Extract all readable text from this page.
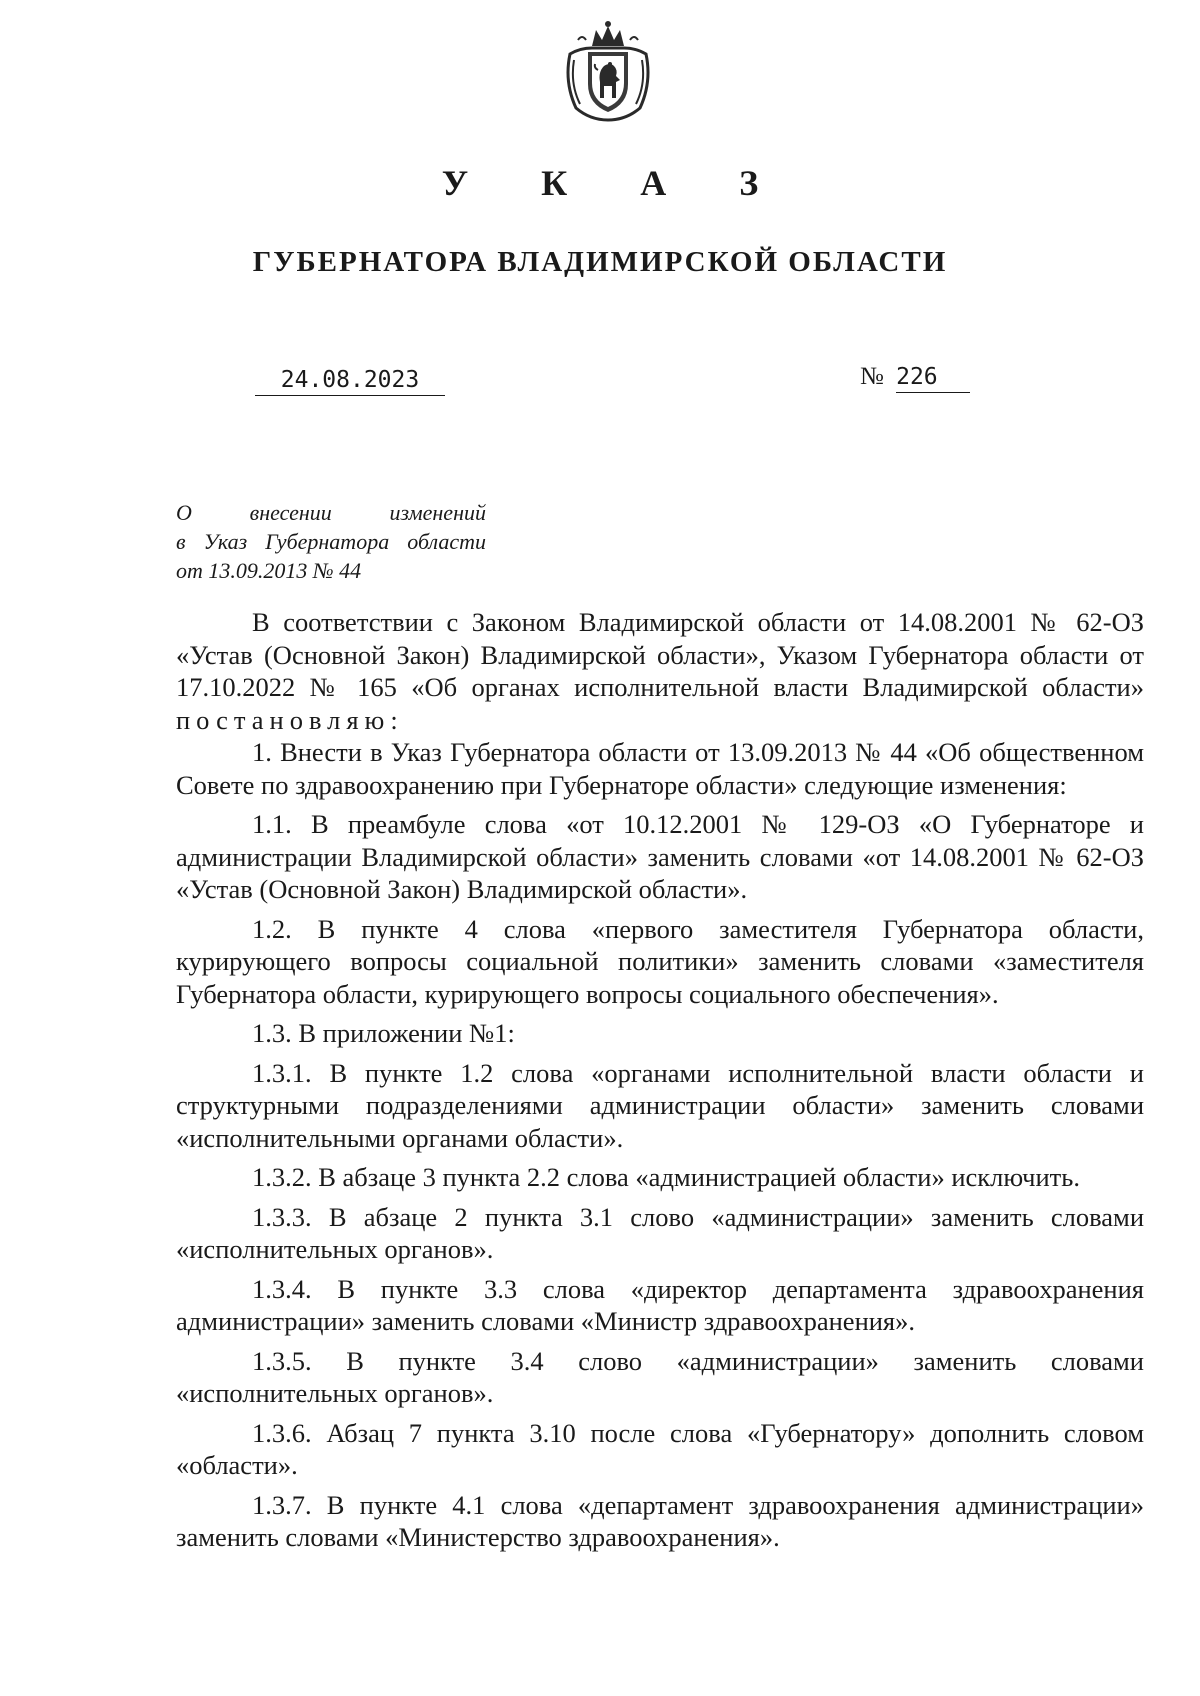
У К А З
ГУБЕРНАТОРА ВЛАДИМИРСКОЙ ОБЛАСТИ
24.08.2023	№ 226
О внесении изменений
в Указ Губернатора области
от 13.09.2013 № 44

В соответствии с Законом Владимирской области от 14.08.2001 № 62-ОЗ «Устав (Основной Закон) Владимирской области», Указом Губернатора области от 17.10.2022 № 165 «Об органах исполнительной власти Владимирской области» постановляю:

1. Внести в Указ Губернатора области от 13.09.2013 № 44 «Об общественном Совете по здравоохранению при Губернаторе области» следующие изменения:

1.1. В преамбуле слова «от 10.12.2001 № 129-ОЗ «О Губернаторе и администрации Владимирской области» заменить словами «от 14.08.2001 № 62-ОЗ «Устав (Основной Закон) Владимирской области».

1.2. В пункте 4 слова «первого заместителя Губернатора области, курирующего вопросы социальной политики» заменить словами «заместителя Губернатора области, курирующего вопросы социального обеспечения».

1.3. В приложении №1:

1.3.1. В пункте 1.2 слова «органами исполнительной власти области и структурными подразделениями администрации области» заменить словами «исполнительными органами области».

1.3.2. В абзаце 3 пункта 2.2 слова «администрацией области» исключить.

1.3.3. В абзаце 2 пункта 3.1 слово «администрации» заменить словами «исполнительных органов».

1.3.4. В пункте 3.3 слова «директор департамента здравоохранения администрации» заменить словами «Министр здравоохранения».

1.3.5. В пункте 3.4 слово «администрации» заменить словами «исполнительных органов».

1.3.6. Абзац 7 пункта 3.10 после слова «Губернатору» дополнить словом «области».

1.3.7. В пункте 4.1 слова «департамент здравоохранения администрации» заменить словами «Министерство здравоохранения».
